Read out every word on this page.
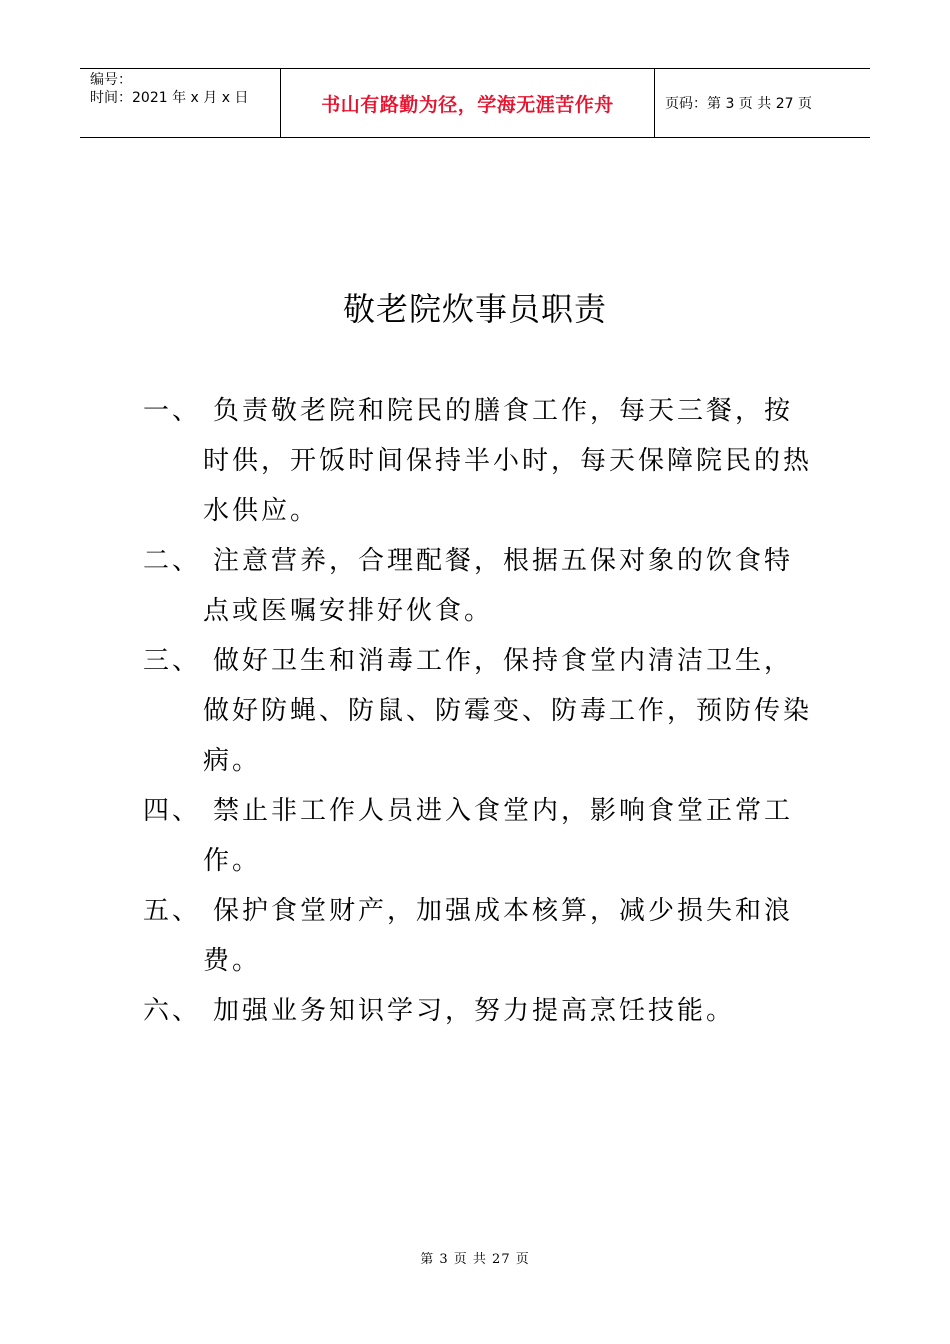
编号：
时间：2021 年 x 月 x 日	书山有路勤为径，学海无涯苦作舟	页码：第 3 页 共 27 页
敬老院炊事员职责
一、 负责敬老院和院民的膳食工作，每天三餐，按
时供，开饭时间保持半小时，每天保障院民的热
水供应。
二、 注意营养，合理配餐，根据五保对象的饮食特
点或医嘱安排好伙食。
三、 做好卫生和消毒工作，保持食堂内清洁卫生，
做好防蝇、防鼠、防霉变、防毒工作，预防传染
病。
四、 禁止非工作人员进入食堂内，影响食堂正常工
作。
五、 保护食堂财产，加强成本核算，减少损失和浪
费。
六、 加强业务知识学习，努力提高烹饪技能。
第 3 页 共 27 页
